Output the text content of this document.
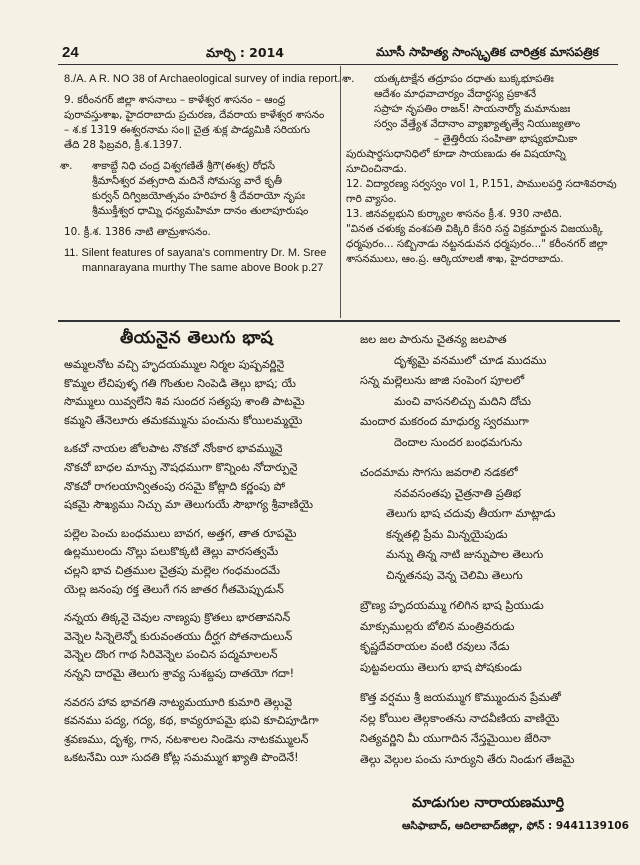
24	మార్చి : 2014	మూసీ సాహిత్య సాంస్కృతిక చారిత్రక మాసపత్రిక
8./A. A R. NO 38 of Archaeological survey of india report.
9. కరీంనగర్ జిల్లా శాసనాలు – కాళేశ్వర శాసనం – ఆంధ్ర
పురావస్తుశాఖ, హైదరాబాదు ప్రచురణ, దేవరాయ కాళేశ్వర శాసనం
– శ.క 1319 ఈశ్వరనామ సం॥ చైత్ర శుక్ల పాడ్యమికి సరియగు
తేది 28 ఫిబ్రవరి, క్రీ.శ.1397.
శా. శాకాబ్దే నిధి చంద్ర విశ్వగణితే శ్రీగౌ(ఈశ్వ) రోధసే
శ్రీమానీశ్వర వత్సరాది మదినే సోమస్య వారే కృతీ
కుర్వన్ దిగ్విజయోత్సవం హరిహర శ్రీ దేవరాయో నృపః
శ్రీముక్తీశ్వర ధామ్ని ధన్యమహిమా దానం తులాపూరుషం
10. క్రీ.శ. 1386 నాటి తామ్రశాసనం.
11. Silent features of sayana's commentry Dr. M. Sree
mannarayana murthy The same above Book p.27
శా. యత్కటాక్షేన తద్రూపం దధాతు బుక్కభూపతిః
ఆదేశం మాధవాచార్యం వేదార్థస్య ప్రకాశనే
సప్రాహ నృపతిం రాజన్! సాయనార్యో మమానుజః
సర్వం వేత్త్యేశ వేదానాం వ్యాఖ్యాతృత్వే నియుజ్యతాం
– తైత్తిరీయ సంహితా భాష్యభూమికా
పురుషార్థసుధానిధిలో కూడా సాయణుడు ఈ విషయాన్ని
సూచించినాడు.
12. విద్యారణ్య సర్వస్వం vol 1, P.151, పాములపర్తి సదాశివరావు
గారి వ్యాసం.
13. జినవల్లభుని కుర్క్యాల శాసనం క్రీ.శ. 930 నాటిది.
"వినత చళుక్య వంశపతి విక్కిరి కేసరి సన్ద విక్రమార్జున విజయుక్కి
ధర్మపురం... సబ్బినాడు నట్టనడువన ధర్మపురం..." కరీంనగర్ జిల్లా
శాసనములు, ఆం.ప్ర. ఆర్కియాలజీ శాఖ, హైదరాబాదు.
తీయనైన తెలుగు భాష
అమ్మలనోట వచ్చి హృదయమ్ముల నిర్మల పుష్పవర్ణినై
కొమ్మల లేచిపుళ్ళ గతి గొంతుల నింపెడి తెల్గు భాష; యే
సొమ్ములు యివ్వలేని శివ సుందర సత్యపు శాంతి పాటమై
కమ్మని తేనెలూరు తమకమ్మును పంచును కోయిలమ్మయై
ఒకచో నాయల జోలపాట నొకచో నోంకార భావమ్మునై
నొకచో బాధల మాన్పు నౌషధముగా కొన్నింట నోదార్పునై
నొకచో రాగలయాన్వితంపు రసమై కోట్లాది కర్ణంపు పో
షకమై సౌఖ్యము నిచ్చు మా తెలుగుయే సౌభాగ్య శ్రీవాణియై
పల్లెల పెంచు బంధములు బావగ, అత్తగ, తాత రూపమై
ఉల్లములందు నొల్లు పలుకొక్కటి తెల్లు వారసత్వమే
చల్లని భావ చిత్రముల చైత్రపు మల్లెల గంధమందమే
యెల్ల జనంపు రక్త తెలుగే గన జాతర గీతమెప్పుడున్
నన్నయ తిక్కనై చెవుల నాణ్యపు క్రొతలు భారతావనిన్
వెన్నెల సిన్నెలెన్నో కురువంతయు దీర్ఘగ పోతనాదులున్
వెన్నెల దొంగ గాథ సిరివెన్నెల పంచిన పద్మమాలలన్
నన్నని దారమై తెలుగు శ్రావ్య సుశబ్దపు దాతయో గదా!
నవరస హావ భావగతి నాట్యమయూరి కుమారి తెల్గువై
కవనము పద్య, గద్య, కథ, కావ్యరూపమై భువి కూచిపూడిగా
శ్రవణము, దృశ్య, గాన, నటశాలల నిండెను నాటకమ్ములన్
ఒకటనేమి యీ సుదతి కోట్ల సమమ్ముగ ఖ్యాతి పొందెనే!
జల జల పారును చైతన్య జలపాత
దృశ్యమై వనములో చూడ ముదము
సన్న మల్లెలును జాజి సంపెంగ పూలలో
మంచి వాసనలిచ్చు మదిని దోచు
మందార మకరంద మాధుర్య స్వరముగా
దెందాల సుందర బంధమగును
చందమామ సొగసు జవరాలి నడకలో
నవవసంతపు చైత్రనాతి ప్రతిభ
తెలుగు భాష చదువు తీయగా మాట్లాడు
కన్నతల్లి ప్రేమ మిన్నయైపుడు
మన్ను తిన్న నాటి జున్నుపాల తెలుగు
చిన్నతనపు వెన్న చెలిమి తెలుగు
బ్రౌణ్య హృదయమ్ము గలిగిన భాష ప్రియుడు
మాక్సుముల్లరు బోలిన మంత్రివరుడు
కృష్ణదేవరాయల వంటి రవులు నేడు
పుట్టవలయు తెలుగు భాష పోషకుండు
కొత్త వర్షము శ్రీ జయమ్ముగ కొమ్ముందున ప్రేమతో
నల్ల కోయిల తెల్గకాంతను నాదవీణియ వాణియై
నిత్యవర్ణిని మీ యుగాదిన నేస్తమైయిల జేరినా
తెల్గు వెల్గుల పంచు సూర్యుని తేరు నిండుగ తేజమై
మాడుగుల నారాయణమూర్తి
ఆసిఫాబాద్, ఆదిలాబాద్‌జిల్లా, ఫోన్ : 9441139106
